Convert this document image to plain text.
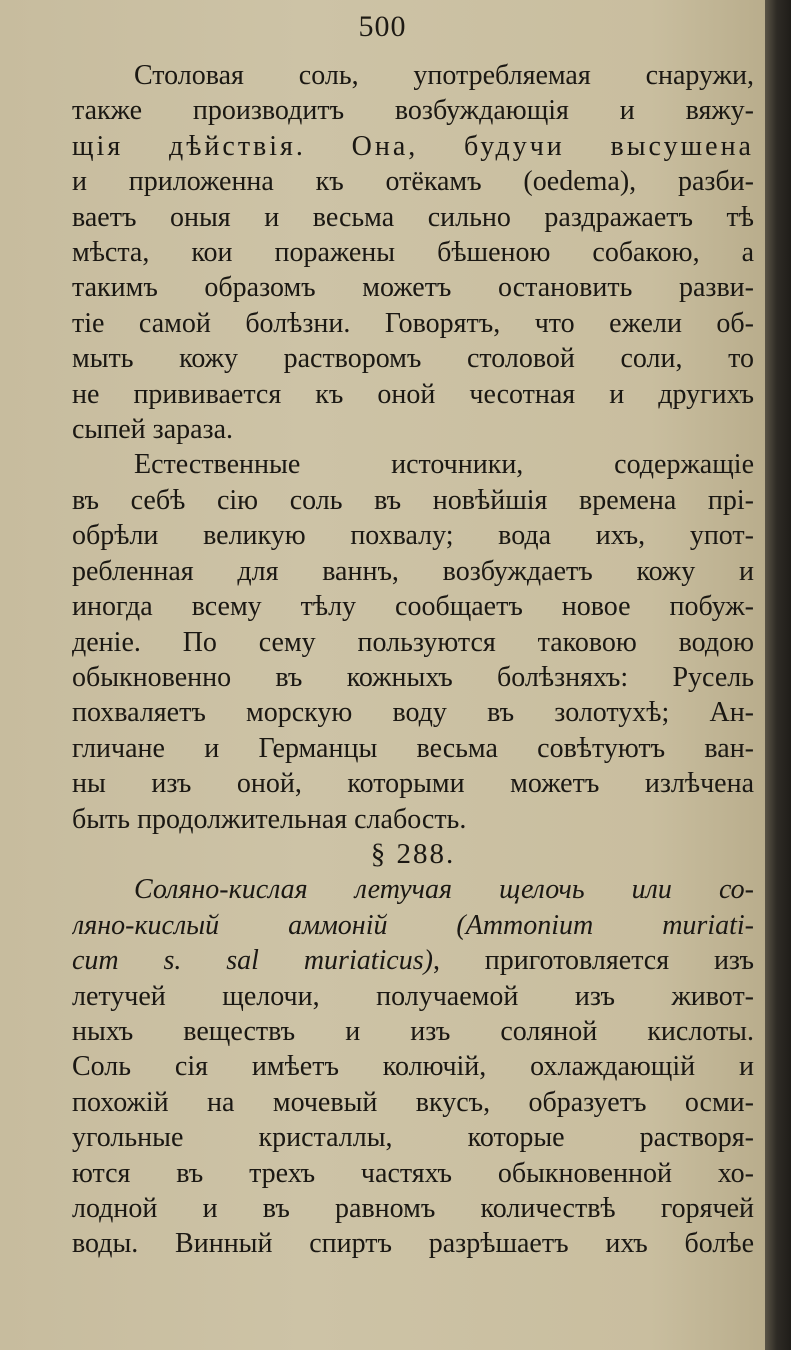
500
Столовая соль, употребляемая снаружи,
также производитъ возбуждающія и вяжу-
щія дѣйствія. Она, будучи высушена
и приложенна къ отёкамъ (oedema), разби-
ваетъ оныя и весьма сильно раздражаетъ тѣ
мѣста, кои поражены бѣшеною собакою, а
такимъ образомъ можетъ остановить разви-
тіе самой болѣзни. Говорятъ, что ежели об-
мыть кожу растворомъ столовой соли, то
не прививается къ оной чесотная и другихъ
сыпей зараза.
Естественные источники, содержащіе
въ себѣ сію соль въ новѣйшія времена прі-
обрѣли великую похвалу; вода ихъ, упот-
ребленная для ваннъ, возбуждаетъ кожу и
иногда всему тѣлу сообщаетъ новое побуж-
деніе. По сему пользуются таковою водою
обыкновенно въ кожныхъ болѣзняхъ: Русель
похваляетъ морскую воду въ золотухѣ; Ан-
гличане и Германцы весьма совѣтуютъ ван-
ны изъ оной, которыми можетъ излѣчена
быть продолжительная слабость.
§ 288.
Соляно-кислая летучая щелочь или со-
ляно-кислый аммоній (Ammonium muriati-
cum s. sal muriaticus), приготовляется изъ
летучей щелочи, получаемой изъ живот-
ныхъ веществъ и изъ соляной кислоты.
Соль сія имѣетъ колючій, охлаждающій и
похожій на мочевый вкусъ, образуетъ осми-
угольные кристаллы, которые растворя-
ются въ трехъ частяхъ обыкновенной хо-
лодной и въ равномъ количествѣ горячей
воды. Винный спиртъ разрѣшаетъ ихъ болѣе
